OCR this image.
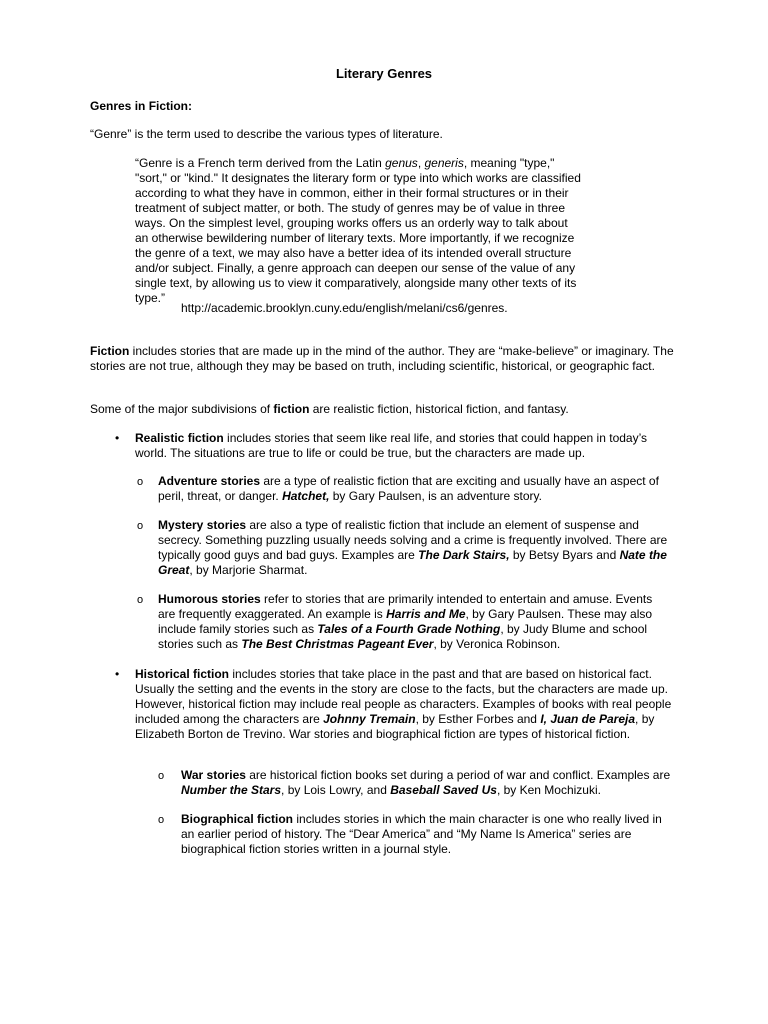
Literary Genres

Genres in Fiction:

“Genre” is the term used to describe the various types of literature.

“Genre is a French term derived from the Latin genus, generis, meaning "type," "sort," or "kind." It designates the literary form or type into which works are classified according to what they have in common, either in their formal structures or in their treatment of subject matter, or both. The study of genres may be of value in three ways. On the simplest level, grouping works offers us an orderly way to talk about an otherwise bewildering number of literary texts. More importantly, if we recognize the genre of a text, we may also have a better idea of its intended overall structure and/or subject. Finally, a genre approach can deepen our sense of the value of any single text, by allowing us to view it comparatively, alongside many other texts of its type.”

http://academic.brooklyn.cuny.edu/english/melani/cs6/genres.

Fiction includes stories that are made up in the mind of the author. They are “make-believe” or imaginary. The stories are not true, although they may be based on truth, including scientific, historical, or geographic fact.
Some of the major subdivisions of fiction are realistic fiction, historical fiction, and fantasy.
• Realistic fiction includes stories that seem like real life, and stories that could happen in today’s world. The situations are true to life or could be true, but the characters are made up.
o Adventure stories are a type of realistic fiction that are exciting and usually have an aspect of peril, threat, or danger. Hatchet, by Gary Paulsen, is an adventure story.
o Mystery stories are also a type of realistic fiction that include an element of suspense and secrecy. Something puzzling usually needs solving and a crime is frequently involved. There are typically good guys and bad guys. Examples are The Dark Stairs, by Betsy Byars and Nate the Great, by Marjorie Sharmat.
o Humorous stories refer to stories that are primarily intended to entertain and amuse. Events are frequently exaggerated. An example is Harris and Me, by Gary Paulsen. These may also include family stories such as Tales of a Fourth Grade Nothing, by Judy Blume and school stories such as The Best Christmas Pageant Ever, by Veronica Robinson.
• Historical fiction includes stories that take place in the past and that are based on historical fact. Usually the setting and the events in the story are close to the facts, but the characters are made up. However, historical fiction may include real people as characters. Examples of books with real people included among the characters are Johnny Tremain, by Esther Forbes and I, Juan de Pareja, by Elizabeth Borton de Trevino. War stories and biographical fiction are types of historical fiction.
o War stories are historical fiction books set during a period of war and conflict. Examples are Number the Stars, by Lois Lowry, and Baseball Saved Us, by Ken Mochizuki.
o Biographical fiction includes stories in which the main character is one who really lived in an earlier period of history. The “Dear America” and “My Name Is America” series are biographical fiction stories written in a journal style.
